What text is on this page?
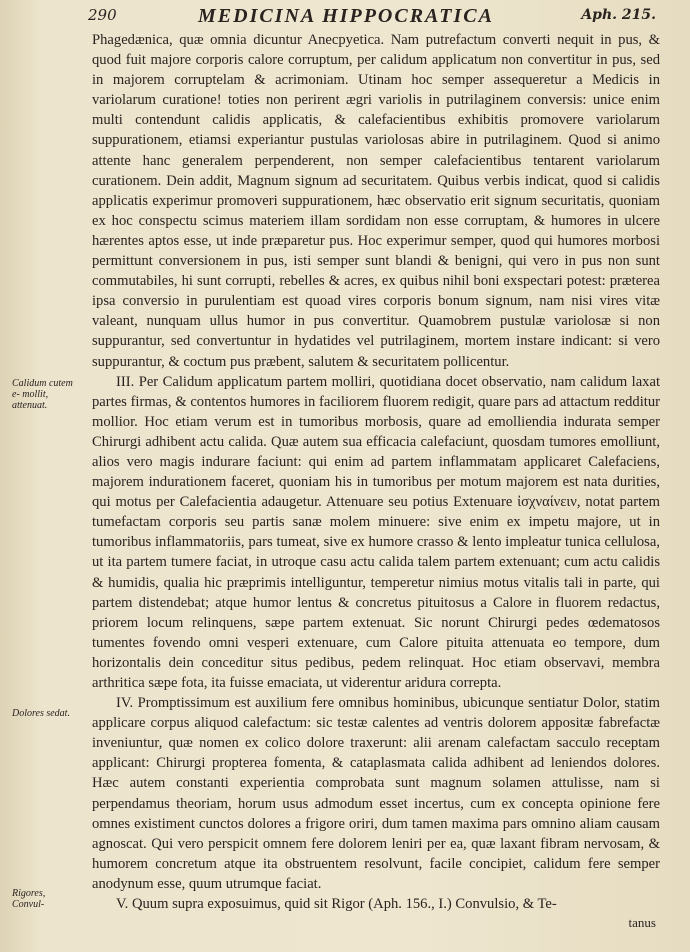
290	MEDICINA HIPPOCRATICA	Aph. 215.
Calidum cutem e- mollit, attenuat.
Dolores sedat.
Rigores, Convul-

Phagedænica, quæ omnia dicuntur Anecpyetica. Nam putrefactum converti nequit in pus, & quod fuit majore corporis calore corruptum, per calidum applicatum non convertitur in pus, sed in majorem corruptelam & acrimoniam. Utinam hoc semper assequeretur a Medicis in variolarum curatione! toties non perirent ægri variolis in putrilaginem conversis: unice enim multi contendunt calidis applicatis, & calefacientibus exhibitis promovere variolarum suppurationem, etiamsi experiantur pustulas variolosas abire in putrilaginem. Quod si animo attente hanc generalem perpenderent, non semper calefacientibus tentarent variolarum curationem. Dein addit, Magnum signum ad securitatem. Quibus verbis indicat, quod si calidis applicatis experimur promoveri suppurationem, hæc observatio erit signum securitatis, quoniam ex hoc conspectu scimus materiem illam sordidam non esse corruptam, & humores in ulcere hærentes aptos esse, ut inde præparetur pus. Hoc experimur semper, quod qui humores morbosi permittunt conversionem in pus, isti semper sunt blandi & benigni, qui vero in pus non sunt commutabiles, hi sunt corrupti, rebelles & acres, ex quibus nihil boni exspectari potest: præterea ipsa conversio in purulentiam est quoad vires corporis bonum signum, nam nisi vires vitæ valeant, nunquam ullus humor in pus convertitur. Quamobrem pustulæ variolosæ si non suppurantur, sed convertuntur in hydatides vel putrilaginem, mortem instare indicant: si vero suppurantur, & coctum pus præbent, salutem & securitatem pollicentur.

III. Per Calidum applicatum partem molliri, quotidiana docet observatio, nam calidum laxat partes firmas, & contentos humores in faciliorem fluorem redigit, quare pars ad attactum redditur mollior. Hoc etiam verum est in tumoribus morbosis, quare ad emolliendia indurata semper Chirurgi adhibent actu calida. Quæ autem sua efficacia calefaciunt, quosdam tumores emolliunt, alios vero magis indurare faciunt: qui enim ad partem inflammatam applicaret Calefaciens, majorem indurationem faceret, quoniam his in tumoribus per motum majorem est nata durities, qui motus per Calefacientia adaugetur. Attenuare seu potius Extenuare ἰσχναίνειν, notat partem tumefactam corporis seu partis sanæ molem minuere: sive enim ex impetu majore, ut in tumoribus inflammatoriis, pars tumeat, sive ex humore crasso & lento impleatur tunica cellulosa, ut ita partem tumere faciat, in utroque casu actu calida talem partem extenuant; cum actu calidis & humidis, qualia hic præprimis intelliguntur, temperetur nimius motus vitalis tali in parte, qui partem distendebat; atque humor lentus & concretus pituitosus a Calore in fluorem redactus, priorem locum relinquens, sæpe partem extenuat. Sic norunt Chirurgi pedes œdematosos tumentes fovendo omni vesperi extenuare, cum Calore pituita attenuata eo tempore, dum horizontalis dein conceditur situs pedibus, pedem relinquat. Hoc etiam observavi, membra arthritica sæpe fota, ita fuisse emaciata, ut viderentur aridura correpta.

IV. Promptissimum est auxilium fere omnibus hominibus, ubicunque sentiatur Dolor, statim applicare corpus aliquod calefactum: sic testæ calentes ad ventris dolorem appositæ fabrefactæ inveniuntur, quæ nomen ex colico dolore traxerunt: alii arenam calefactam sacculo receptam applicant: Chirurgi propterea fomenta, & cataplasmata calida adhibent ad leniendos dolores. Hæc autem constanti experientia comprobata sunt magnum solamen attulisse, nam si perpendamus theoriam, horum usus admodum esset incertus, cum ex concepta opinione fere omnes existiment cunctos dolores a frigore oriri, dum tamen maxima pars omnino aliam causam agnoscat. Qui vero perspicit omnem fere dolorem leniri per ea, quæ laxant fibram nervosam, & humorem concretum atque ita obstruentem resolvunt, facile concipiet, calidum fere semper anodynum esse, quum utrumque faciat.

V. Quum supra exposuimus, quid sit Rigor (Aph. 156., I.) Convulsio, & Te-

tanus
